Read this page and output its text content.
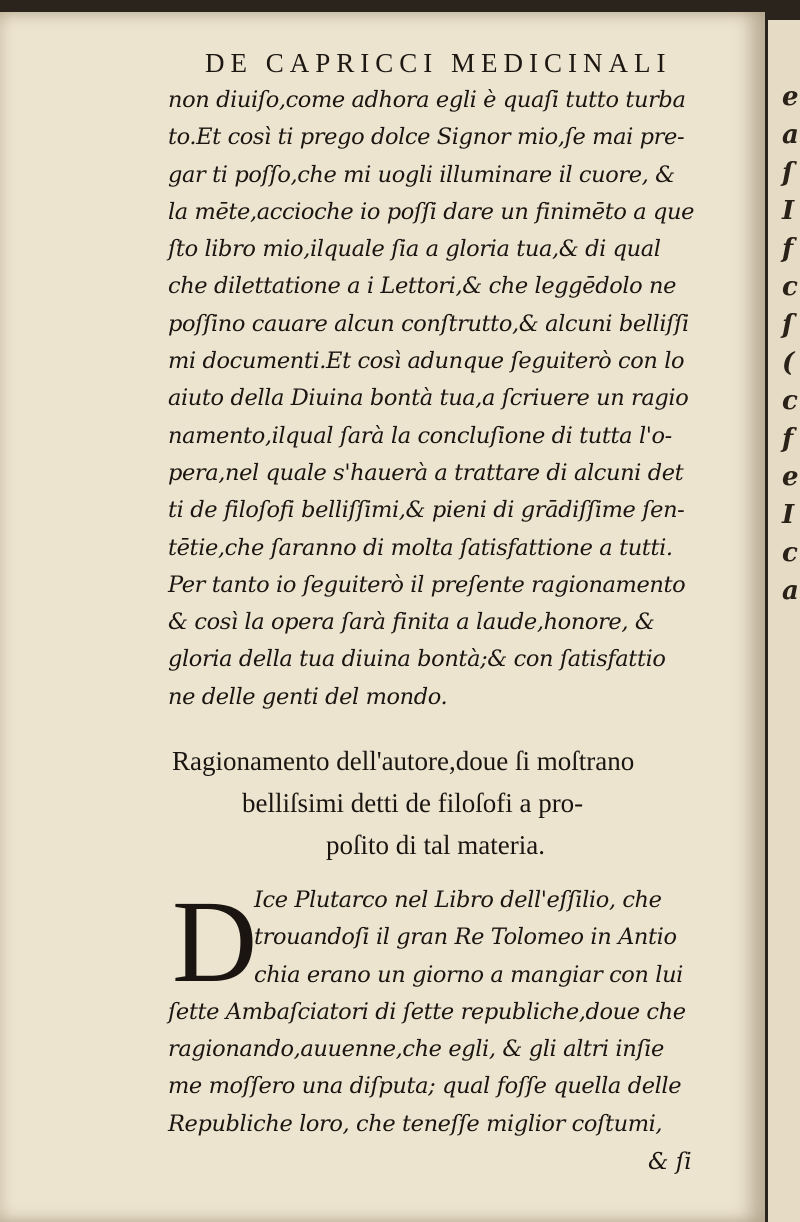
DE CAPRICCI MEDICINALI
non diuiſo,come adhora egli è quaſi tutto turba
to.Et così ti prego dolce Signor mio,ſe mai pre-
gar ti poſſo,che mi uogli illuminare il cuore, &
la mēte,accioche io poſſi dare un finimēto a que
ſto libro mio,ilquale ſia a gloria tua,& di qual
che dilettatione a i Lettori,& che leggēdolo ne
poſſino cauare alcun conſtrutto,& alcuni belliſſi
mi documenti.Et così adunque ſeguiterò con lo
aiuto della Diuina bontà tua,a ſcriuere un ragio
namento,ilqual ſarà la concluſione di tutta l'o-
pera,nel quale s'hauerà a trattare di alcuni det
ti de filoſofi belliſſimi,& pieni di grādiſſime ſen-
tētie,che ſaranno di molta ſatisfattione a tutti.
Per tanto io ſeguiterò il preſente ragionamento
& così la opera ſarà finita a laude,honore, &
gloria della tua diuina bontà;& con ſatisfattio
ne delle genti del mondo.
Ragionamento dell'autore,doue ſi moſtrano
belliſsimi detti de filoſofi a pro-
poſito di tal materia.
D
Ice Plutarco nel Libro dell'eſſilio, che
trouandoſi il gran Re Tolomeo in Antio
chia erano un giorno a mangiar con lui
ſette Ambaſciatori di ſette republiche,doue che
ragionando,auuenne,che egli, & gli altri inſie
me moſſero una diſputa; qual foſſe quella delle
Republiche loro, che teneſſe miglior coſtumi,
& ſi
e
a
ſ
I
f
c
ſ
(
c
f
e
I
c
a
